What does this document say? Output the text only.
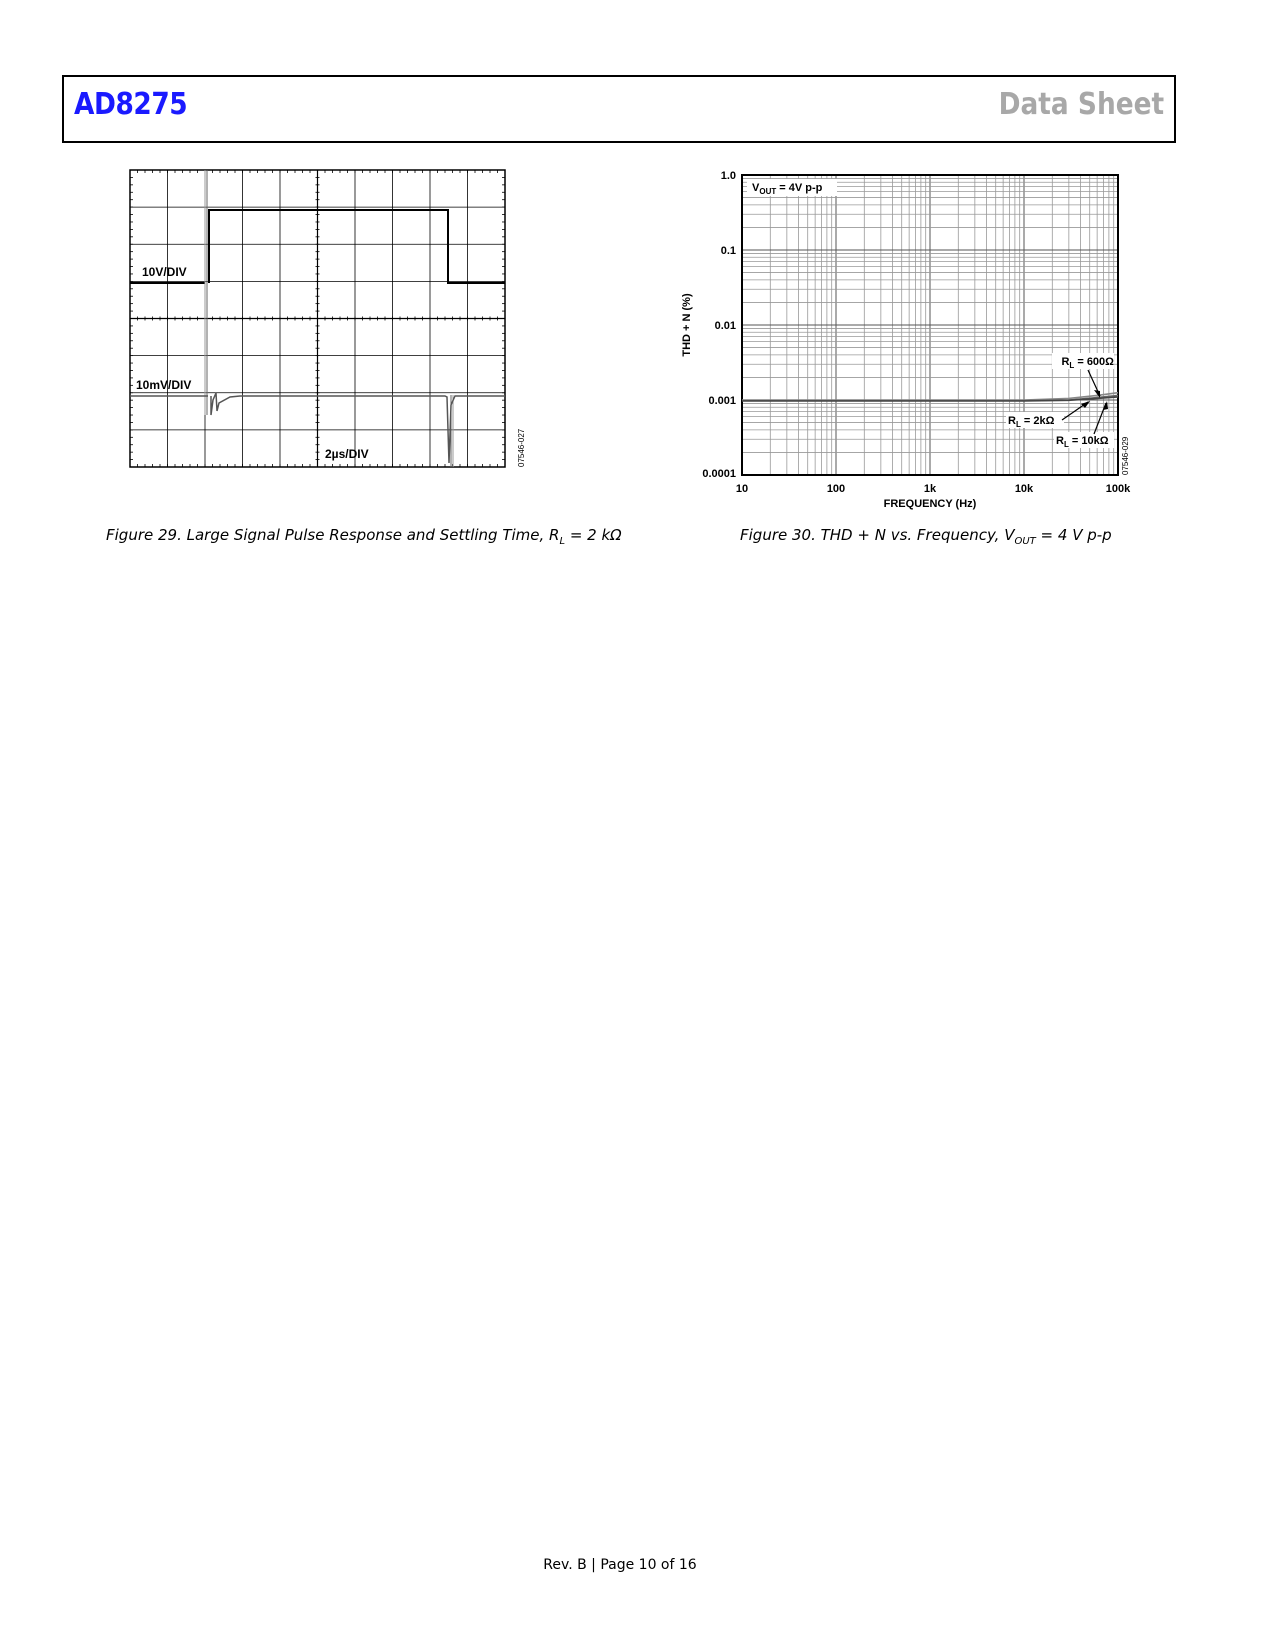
AD8275	Data Sheet
10V/DIV
10mV/DIV
2µs/DIV	07546-027
Figure 29. Large Signal Pulse Response and Settling Time, $R_L = 2$ kΩ
10	100	1k	10k	100k
1.0
0.1
0.01
0.001
0.0001
FREQUENCY (Hz)
THD + N (%)
$V_{OUT} = 4V$ p-p
$R_L = 600\Omega$
$R_L = 2k\Omega$
$R_L = 10k\Omega$ 07546-029
Figure 30. THD + N vs. Frequency, $V_{OUT} = 4$ V p-p
Rev. B | Page 10 of 16
